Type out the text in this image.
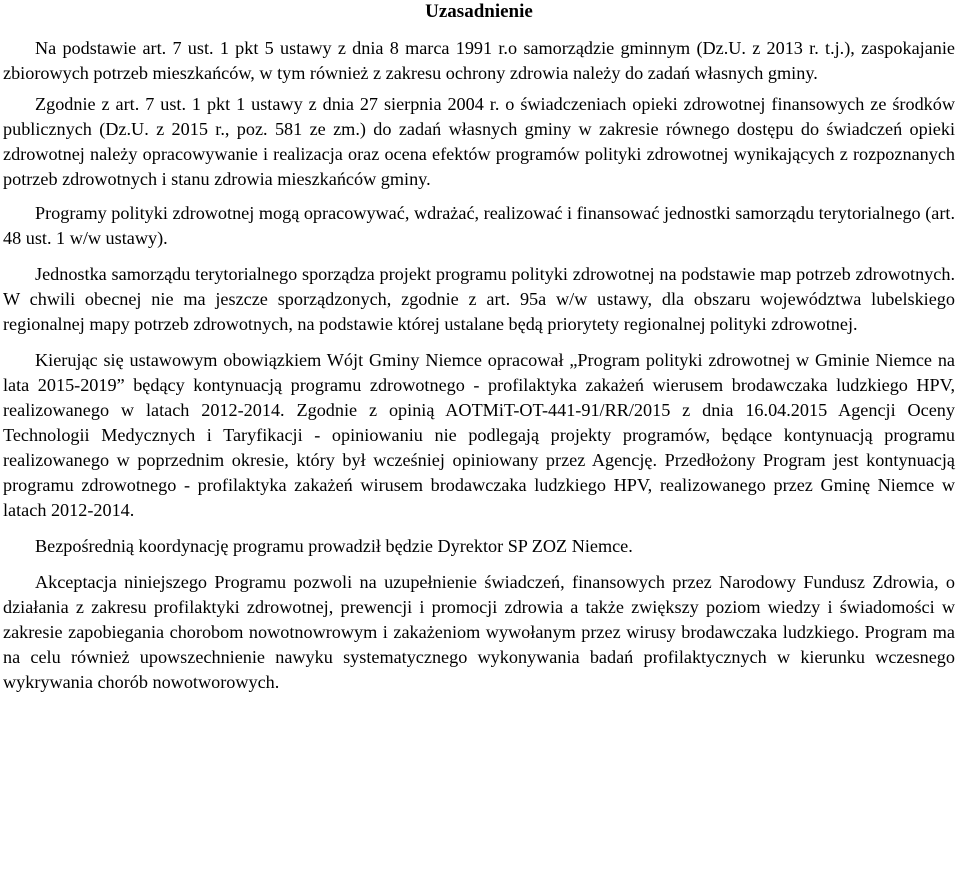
Uzasadnienie

Na podstawie art. 7 ust. 1 pkt 5 ustawy z dnia 8 marca 1991 r.o samorządzie gminnym (Dz.U. z 2013 r. t.j.), zaspokajanie zbiorowych potrzeb mieszkańców, w tym również z zakresu ochrony zdrowia należy do zadań własnych gminy.

Zgodnie z art. 7 ust. 1 pkt 1 ustawy z dnia 27 sierpnia 2004 r. o świadczeniach opieki zdrowotnej finansowych ze środków publicznych (Dz.U. z 2015 r., poz. 581 ze zm.) do zadań własnych gminy w zakresie równego dostępu do świadczeń opieki zdrowotnej należy opracowywanie i realizacja oraz ocena efektów programów polityki zdrowotnej wynikających z rozpoznanych potrzeb zdrowotnych i stanu zdrowia mieszkańców gminy.

Programy polityki zdrowotnej mogą opracowywać, wdrażać, realizować i finansować jednostki samorządu terytorialnego (art. 48 ust. 1 w/w ustawy).

Jednostka samorządu terytorialnego sporządza projekt programu polityki zdrowotnej na podstawie map potrzeb zdrowotnych. W chwili obecnej nie ma jeszcze sporządzonych, zgodnie z art. 95a w/w ustawy, dla obszaru województwa lubelskiego regionalnej mapy potrzeb zdrowotnych, na podstawie której ustalane będą priorytety regionalnej polityki zdrowotnej.

Kierując się ustawowym obowiązkiem Wójt Gminy Niemce opracował „Program polityki zdrowotnej w Gminie Niemce na lata 2015-2019” będący kontynuacją programu zdrowotnego - profilaktyka zakażeń wierusem brodawczaka ludzkiego HPV, realizowanego w latach 2012-2014. Zgodnie z opinią AOTMiT-OT-441-91/RR/2015 z dnia 16.04.2015 Agencji Oceny Technologii Medycznych i Taryfikacji - opiniowaniu nie podlegają projekty programów, będące kontynuacją programu realizowanego w poprzednim okresie, który był wcześniej opiniowany przez Agencję. Przedłożony Program jest kontynuacją programu zdrowotnego - profilaktyka zakażeń wirusem brodawczaka ludzkiego HPV, realizowanego przez Gminę Niemce w latach 2012-2014.

Bezpośrednią koordynację programu prowadził będzie Dyrektor SP ZOZ Niemce.

Akceptacja niniejszego Programu pozwoli na uzupełnienie świadczeń, finansowych przez Narodowy Fundusz Zdrowia, o działania z zakresu profilaktyki zdrowotnej, prewencji i promocji zdrowia a także zwiększy poziom wiedzy i świadomości w zakresie zapobiegania chorobom nowotnowrowym i zakażeniom wywołanym przez wirusy brodawczaka ludzkiego. Program ma na celu również upowszechnienie nawyku systematycznego wykonywania badań profilaktycznych w kierunku wczesnego wykrywania chorób nowotworowych.
